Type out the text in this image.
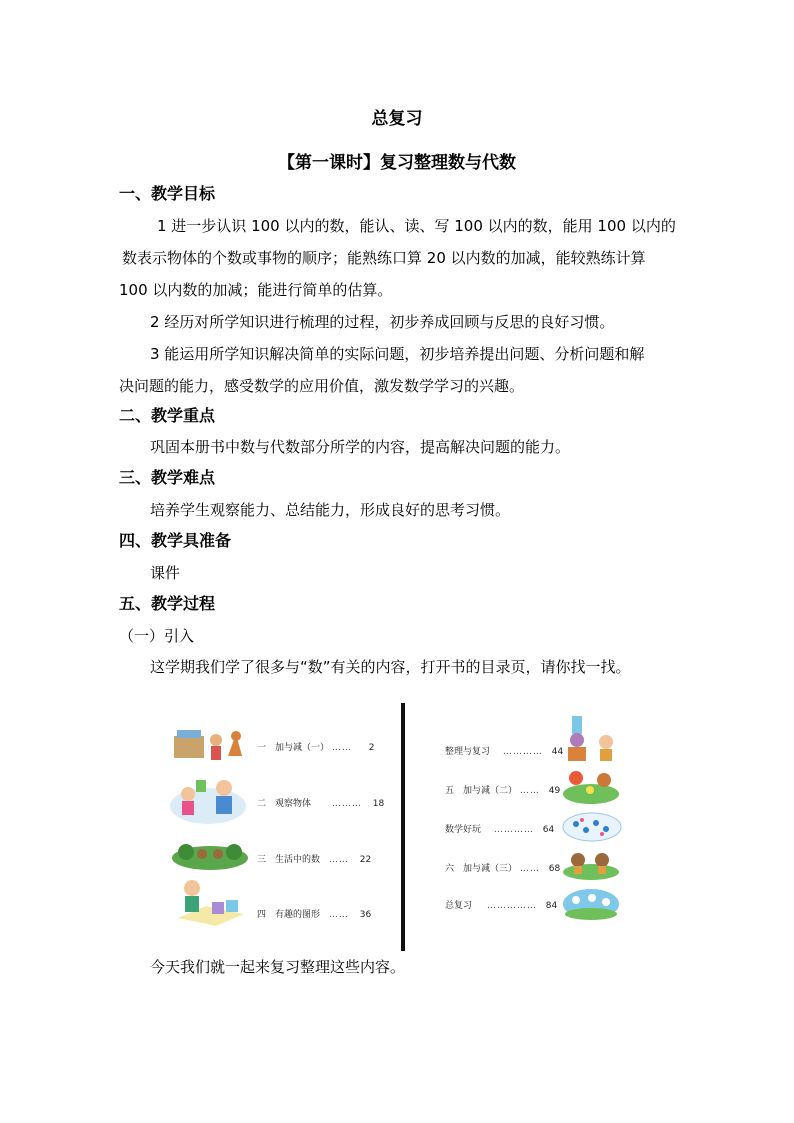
总复习
【第一课时】复习整理数与代数
一、教学目标
1 进一步认识 100 以内的数，能认、读、写 100 以内的数，能用 100 以内的
数表示物体的个数或事物的顺序；能熟练口算 20 以内数的加减，能较熟练计算
100 以内数的加减；能进行简单的估算。
2 经历对所学知识进行梳理的过程，初步养成回顾与反思的良好习惯。
3 能运用所学知识解决简单的实际问题，初步培养提出问题、分析问题和解
决问题的能力，感受数学的应用价值，激发数学学习的兴趣。
二、教学重点
巩固本册书中数与代数部分所学的内容，提高解决问题的能力。
三、教学难点
培养学生观察能力、总结能力，形成良好的思考习惯。
四、教学具准备
课件
五、教学过程
（一）引入
这学期我们学了很多与“数”有关的内容，打开书的目录页，请你找一找。
一　加与减（一） …… 2
二　观察物体 ……… 18
三　生活中的数 …… 22
四　有趣的图形 …… 36
整理与复习 ………… 44
五　加与减（二） …… 49
数学好玩 ………… 64
六　加与减（三） …… 68
总复习 …………… 84
今天我们就一起来复习整理这些内容。
